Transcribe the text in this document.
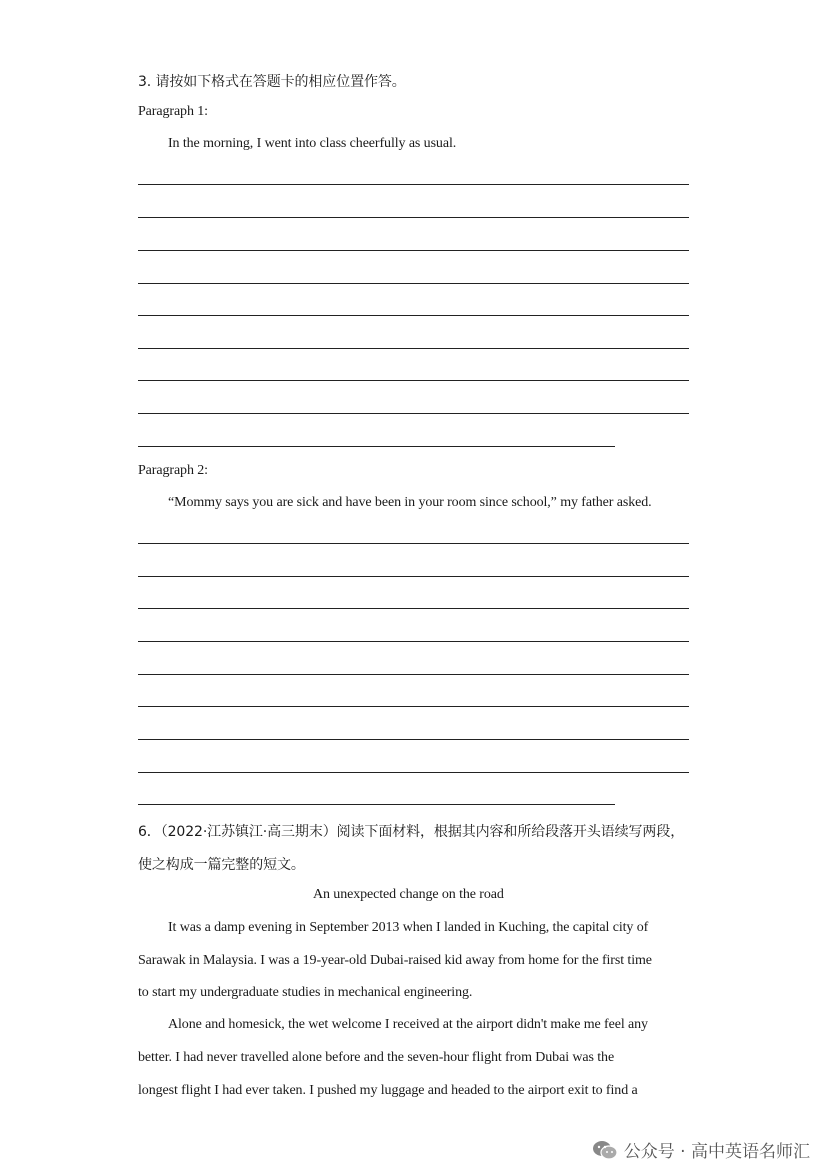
3. 请按如下格式在答题卡的相应位置作答。
Paragraph 1:
In the morning, I went into class cheerfully as usual.
Paragraph 2:
“Mommy says you are sick and have been in your room since school,” my father asked.
6．（2022·江苏镇江·高三期末）阅读下面材料，根据其内容和所给段落开头语续写两段，
使之构成一篇完整的短文。
An unexpected change on the road
It was a damp evening in September 2013 when I landed in Kuching, the capital city of
Sarawak in Malaysia. I was a 19-year-old Dubai-raised kid away from home for the first time
to start my undergraduate studies in mechanical engineering.
Alone and homesick, the wet welcome I received at the airport didn't make me feel any
better. I had never travelled alone before and the seven-hour flight from Dubai was the
longest flight I had ever taken. I pushed my luggage and headed to the airport exit to find a
公众号 · 高中英语名师汇
